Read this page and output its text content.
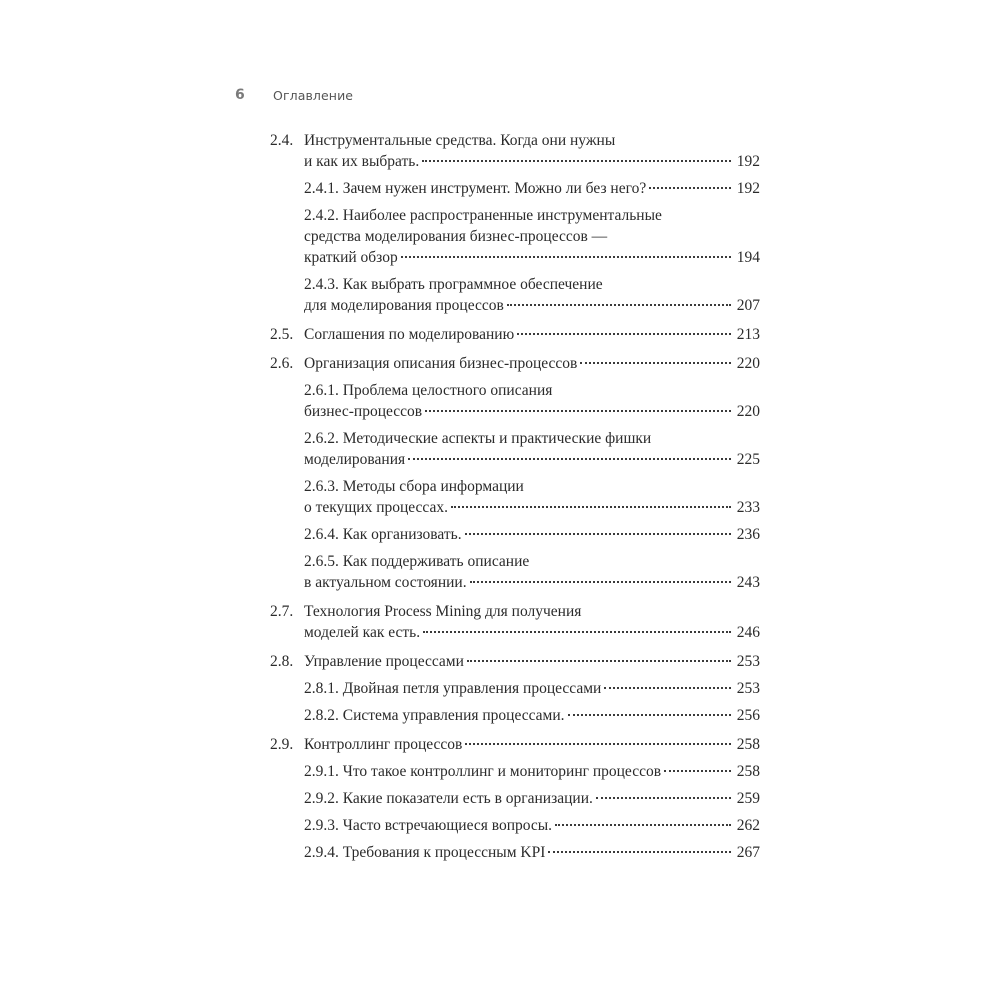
6	Оглавление
2.4. Инструментальные средства. Когда они нужны
и как их выбрать.	192
2.4.1. Зачем нужен инструмент. Можно ли без него?	192
2.4.2. Наиболее распространенные инструментальные
средства моделирования бизнес-процессов —
краткий обзор	194
2.4.3. Как выбрать программное обеспечение
для моделирования процессов	207
2.5. Соглашения по моделированию	213
2.6. Организация описания бизнес-процессов	220
2.6.1. Проблема целостного описания
бизнес-процессов	220
2.6.2. Методические аспекты и практические фишки
моделирования	225
2.6.3. Методы сбора информации
о текущих процессах.	233
2.6.4. Как организовать.	236
2.6.5. Как поддерживать описание
в актуальном состоянии.	243
2.7. Технология Process Mining для получения
моделей как есть.	246
2.8. Управление процессами	253
2.8.1. Двойная петля управления процессами	253
2.8.2. Система управления процессами.	256
2.9. Контроллинг процессов	258
2.9.1. Что такое контроллинг и мониторинг процессов	258
2.9.2. Какие показатели есть в организации.	259
2.9.3. Часто встречающиеся вопросы.	262
2.9.4. Требования к процессным KPI	267
